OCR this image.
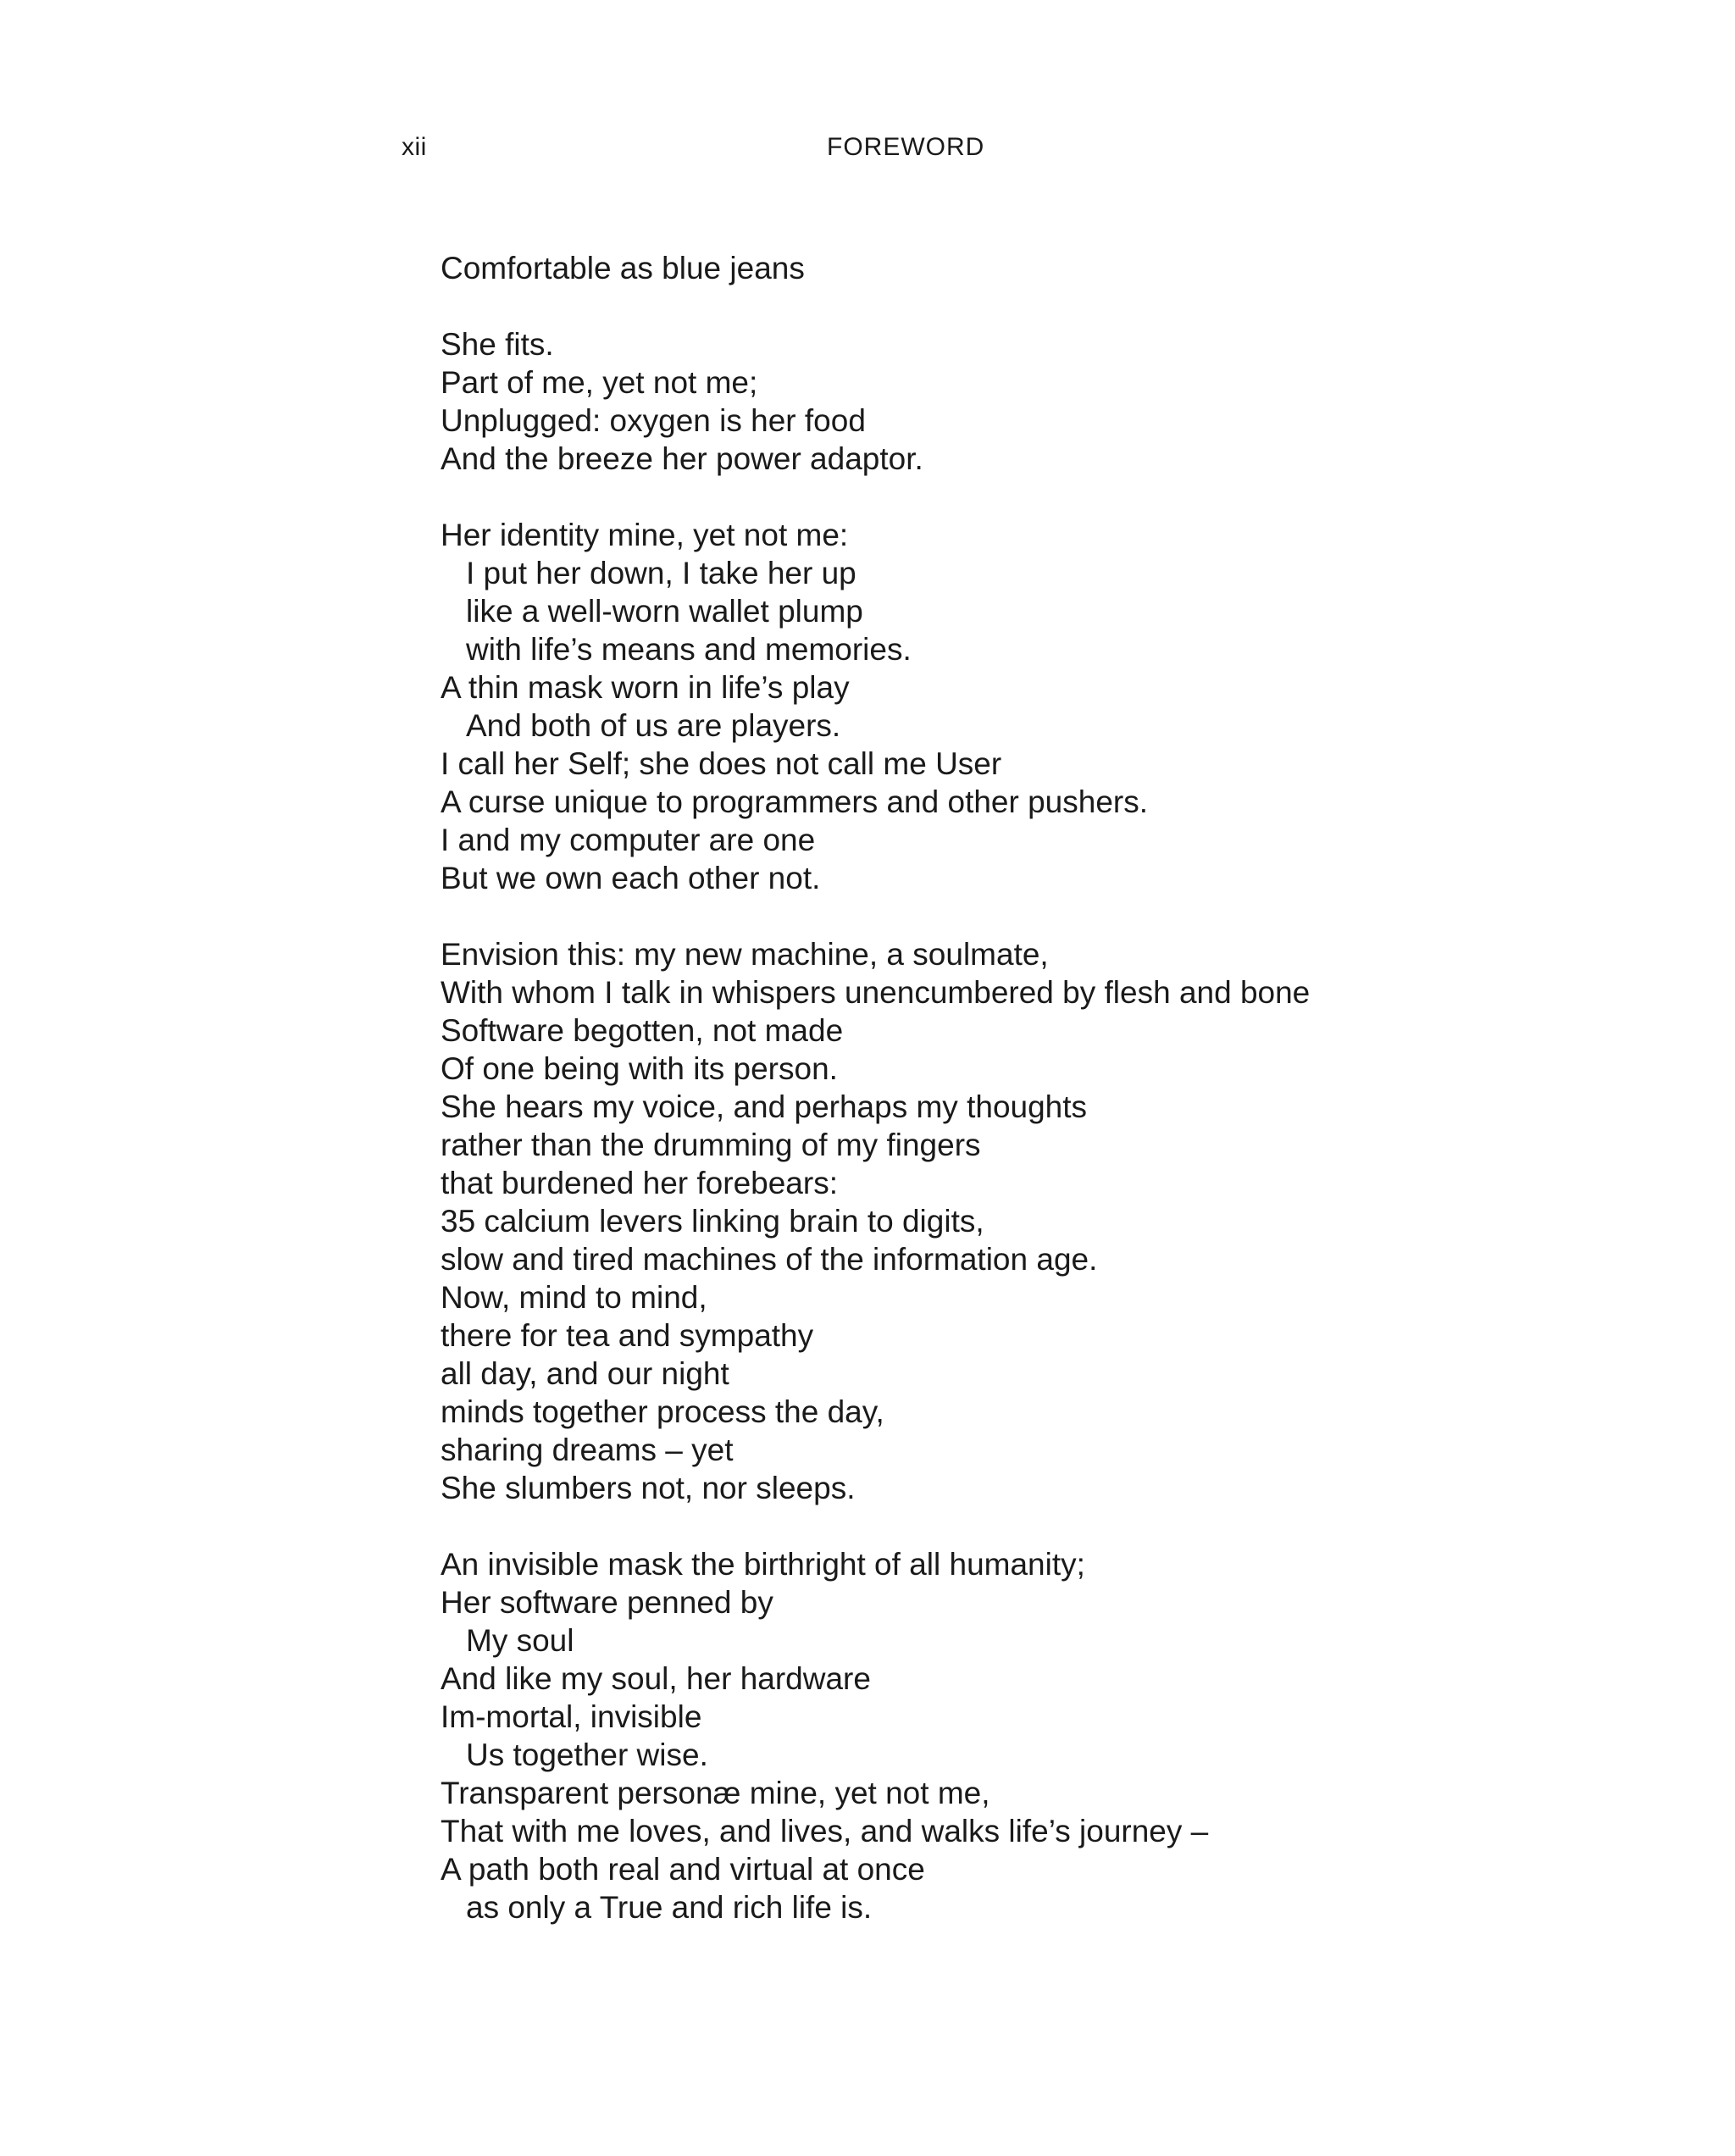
xii	FOREWORD
Comfortable as blue jeans
She fits.
Part of me, yet not me;
Unplugged: oxygen is her food
And the breeze her power adaptor.
Her identity mine, yet not me:
I put her down, I take her up
like a well-worn wallet plump
with life’s means and memories.
A thin mask worn in life’s play
And both of us are players.
I call her Self; she does not call me User
A curse unique to programmers and other pushers.
I and my computer are one
But we own each other not.
Envision this: my new machine, a soulmate,
With whom I talk in whispers unencumbered by flesh and bone
Software begotten, not made
Of one being with its person.
She hears my voice, and perhaps my thoughts
rather than the drumming of my fingers
that burdened her forebears:
35 calcium levers linking brain to digits,
slow and tired machines of the information age.
Now, mind to mind,
there for tea and sympathy
all day, and our night
minds together process the day,
sharing dreams – yet
She slumbers not, nor sleeps.
An invisible mask the birthright of all humanity;
Her software penned by
My soul
And like my soul, her hardware
Im-mortal, invisible
Us together wise.
Transparent personæ mine, yet not me,
That with me loves, and lives, and walks life’s journey –
A path both real and virtual at once
as only a True and rich life is.
